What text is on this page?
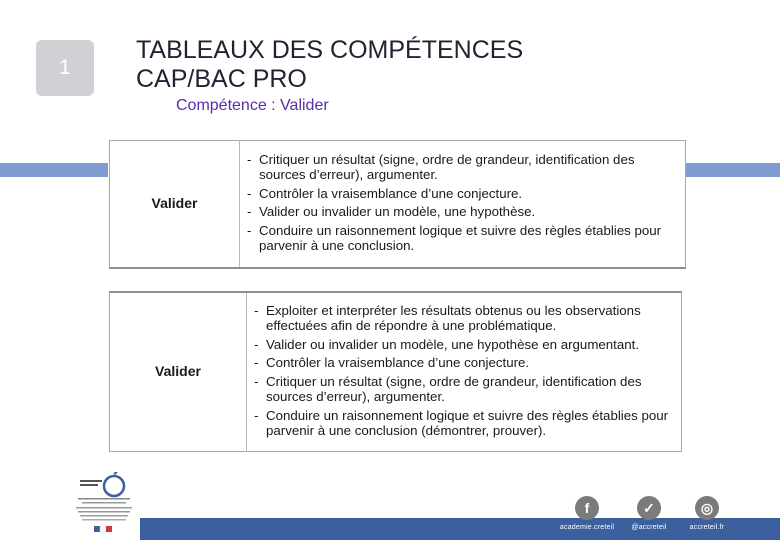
1
TABLEAUX DES COMPÉTENCES
CAP/BAC PRO
Compétence : Valider
Valider	
- Critiquer un résultat (signe, ordre de grandeur, identification des sources d’erreur), argumenter.
- Contrôler la vraisemblance d’une conjecture.
- Valider ou invalider un modèle, une hypothèse.
- Conduire un raisonnement logique et suivre des règles établies pour parvenir à une conclusion.
Valider	
- Exploiter et interpréter les résultats obtenus ou les observations effectuées afin de répondre à une problématique.
- Valider ou invalider un modèle, une hypothèse en argumentant.
- Contrôler la vraisemblance d’une conjecture.
- Critiquer un résultat (signe, ordre de grandeur, identification des sources d’erreur), argumenter.
- Conduire un raisonnement logique et suivre des règles établies pour parvenir à une conclusion (démontrer, prouver).
f
academie.creteil
✓
@accreteil
◎
accreteil.fr
